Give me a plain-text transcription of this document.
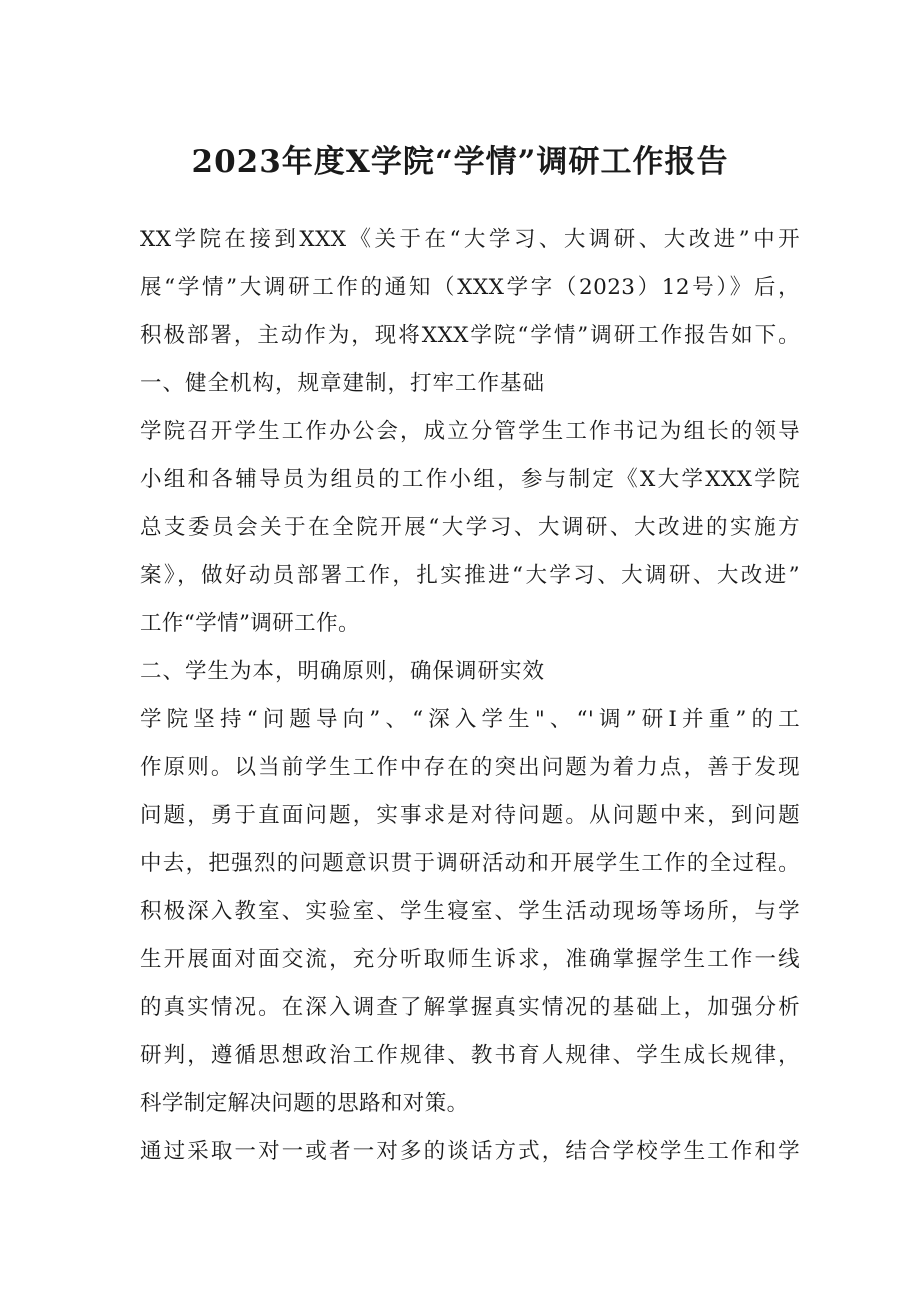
2023年度X学院“学情”调研工作报告
XX学院在接到XXX《关于在“大学习、大调研、大改进”中开
展“学情”大调研工作的通知（XXX学字（2023）12号）》后，
积极部署，主动作为，现将XXX学院“学情”调研工作报告如下。
一、健全机构，规章建制，打牢工作基础
学院召开学生工作办公会，成立分管学生工作书记为组长的领导
小组和各辅导员为组员的工作小组，参与制定《X大学XXX学院
总支委员会关于在全院开展“大学习、大调研、大改进的实施方
案》，做好动员部署工作，扎实推进“大学习、大调研、大改进”
工作“学情”调研工作。
二、学生为本，明确原则，确保调研实效
学院坚持“问题导向”、“深入学生"、“'调”研I并重”的工
作原则。以当前学生工作中存在的突出问题为着力点，善于发现
问题，勇于直面问题，实事求是对待问题。从问题中来，到问题
中去，把强烈的问题意识贯于调研活动和开展学生工作的全过程。
积极深入教室、实验室、学生寝室、学生活动现场等场所，与学
生开展面对面交流，充分听取师生诉求，准确掌握学生工作一线
的真实情况。在深入调查了解掌握真实情况的基础上，加强分析
研判，遵循思想政治工作规律、教书育人规律、学生成长规律，
科学制定解决问题的思路和对策。
通过采取一对一或者一对多的谈话方式，结合学校学生工作和学
